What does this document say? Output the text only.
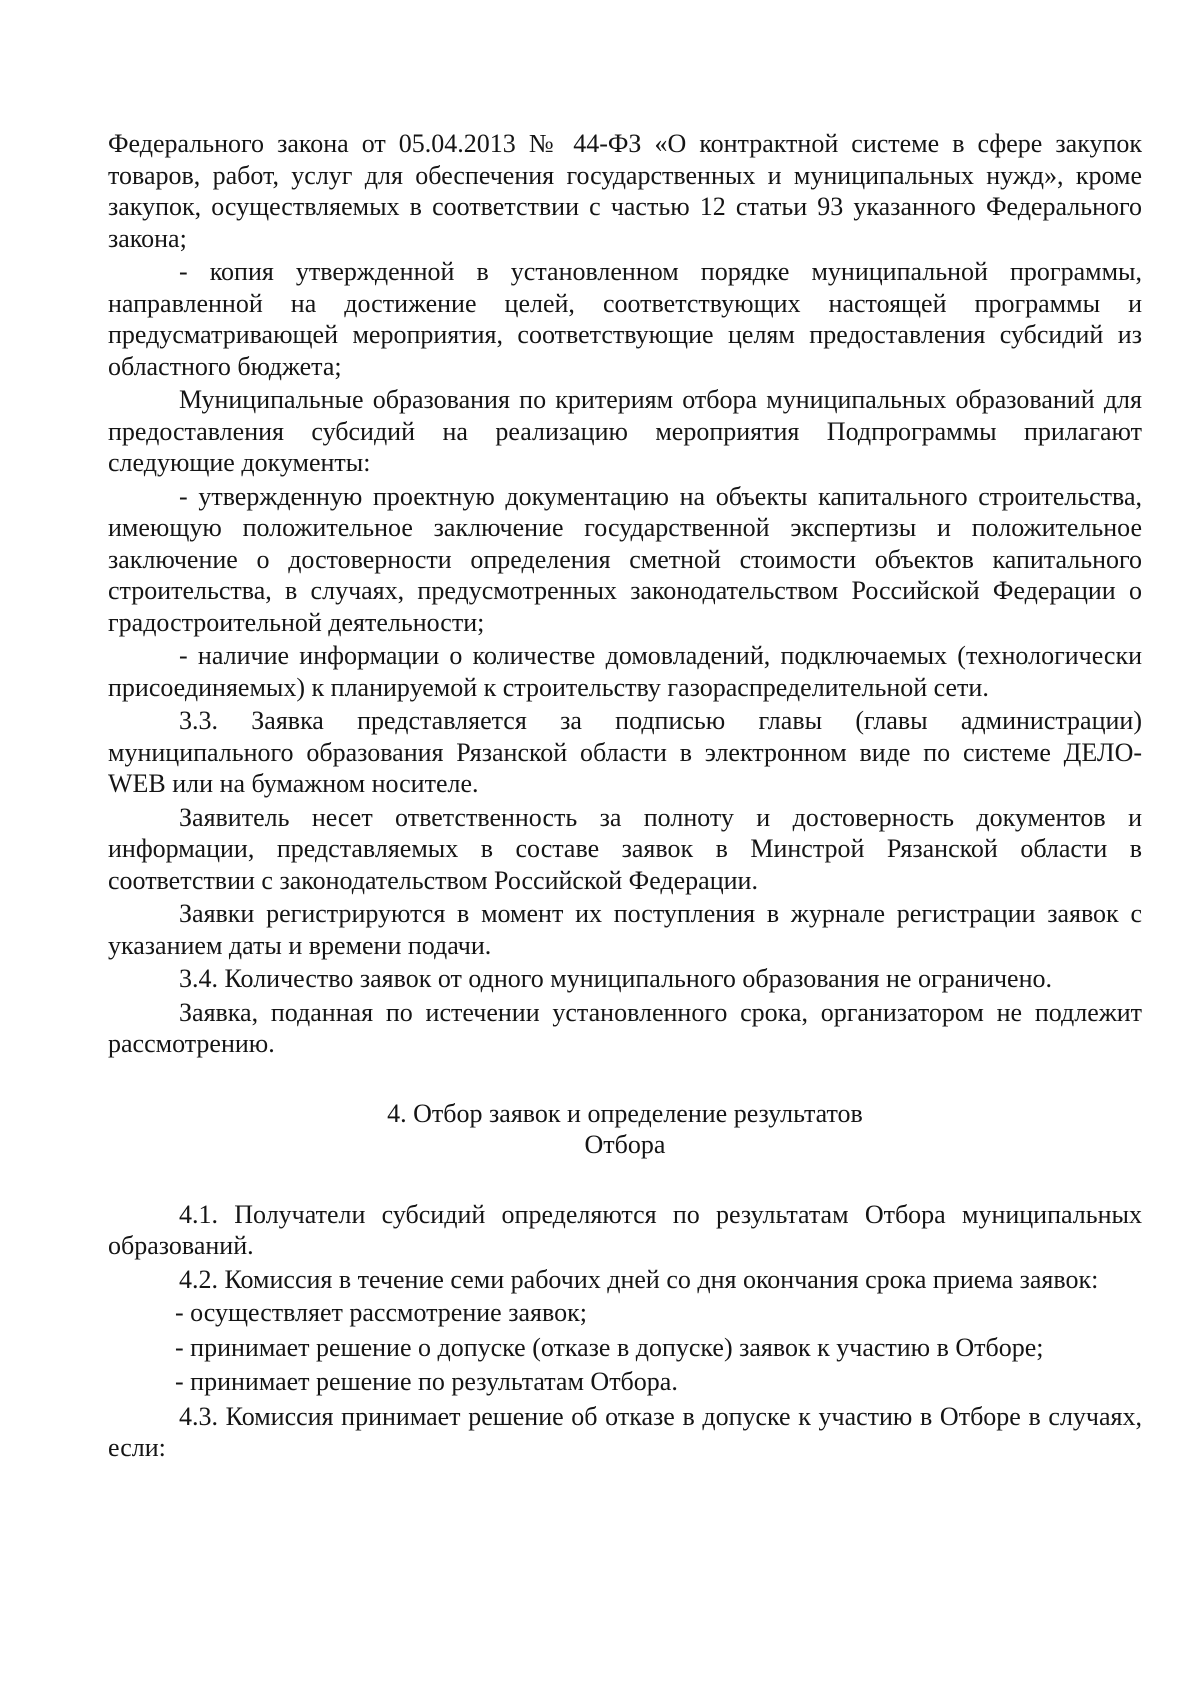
Федерального закона от 05.04.2013 № 44-ФЗ «О контрактной системе в сфере закупок товаров, работ, услуг для обеспечения государственных и муниципальных нужд», кроме закупок, осуществляемых в соответствии с частью 12 статьи 93 указанного Федерального закона;

- копия утвержденной в установленном порядке муниципальной программы, направленной на достижение целей, соответствующих настоящей программы и предусматривающей мероприятия, соответствующие целям предоставления субсидий из областного бюджета;

Муниципальные образования по критериям отбора муниципальных образований для предоставления субсидий на реализацию мероприятия Подпрограммы прилагают следующие документы:

- утвержденную проектную документацию на объекты капитального строительства, имеющую положительное заключение государственной экспертизы и положительное заключение о достоверности определения сметной стоимости объектов капитального строительства, в случаях, предусмотренных законодательством Российской Федерации о градостроительной деятельности;

- наличие информации о количестве домовладений, подключаемых (технологически присоединяемых) к планируемой к строительству газораспределительной сети.

3.3. Заявка представляется за подписью главы (главы администрации) муниципального образования Рязанской области в электронном виде по системе ДЕЛО-WEB или на бумажном носителе.

Заявитель несет ответственность за полноту и достоверность документов и информации, представляемых в составе заявок в Минстрой Рязанской области в соответствии с законодательством Российской Федерации.

Заявки регистрируются в момент их поступления в журнале регистрации заявок с указанием даты и времени подачи.

3.4. Количество заявок от одного муниципального образования не ограничено.

Заявка, поданная по истечении установленного срока, организатором не подлежит рассмотрению.

4. Отбор заявок и определение результатов
Отбора

4.1. Получатели субсидий определяются по результатам Отбора муниципальных образований.

4.2. Комиссия в течение семи рабочих дней со дня окончания срока приема заявок:

- осуществляет рассмотрение заявок;

- принимает решение о допуске (отказе в допуске) заявок к участию в Отборе;

- принимает решение по результатам Отбора.

4.3. Комиссия принимает решение об отказе в допуске к участию в Отборе в случаях, если:
